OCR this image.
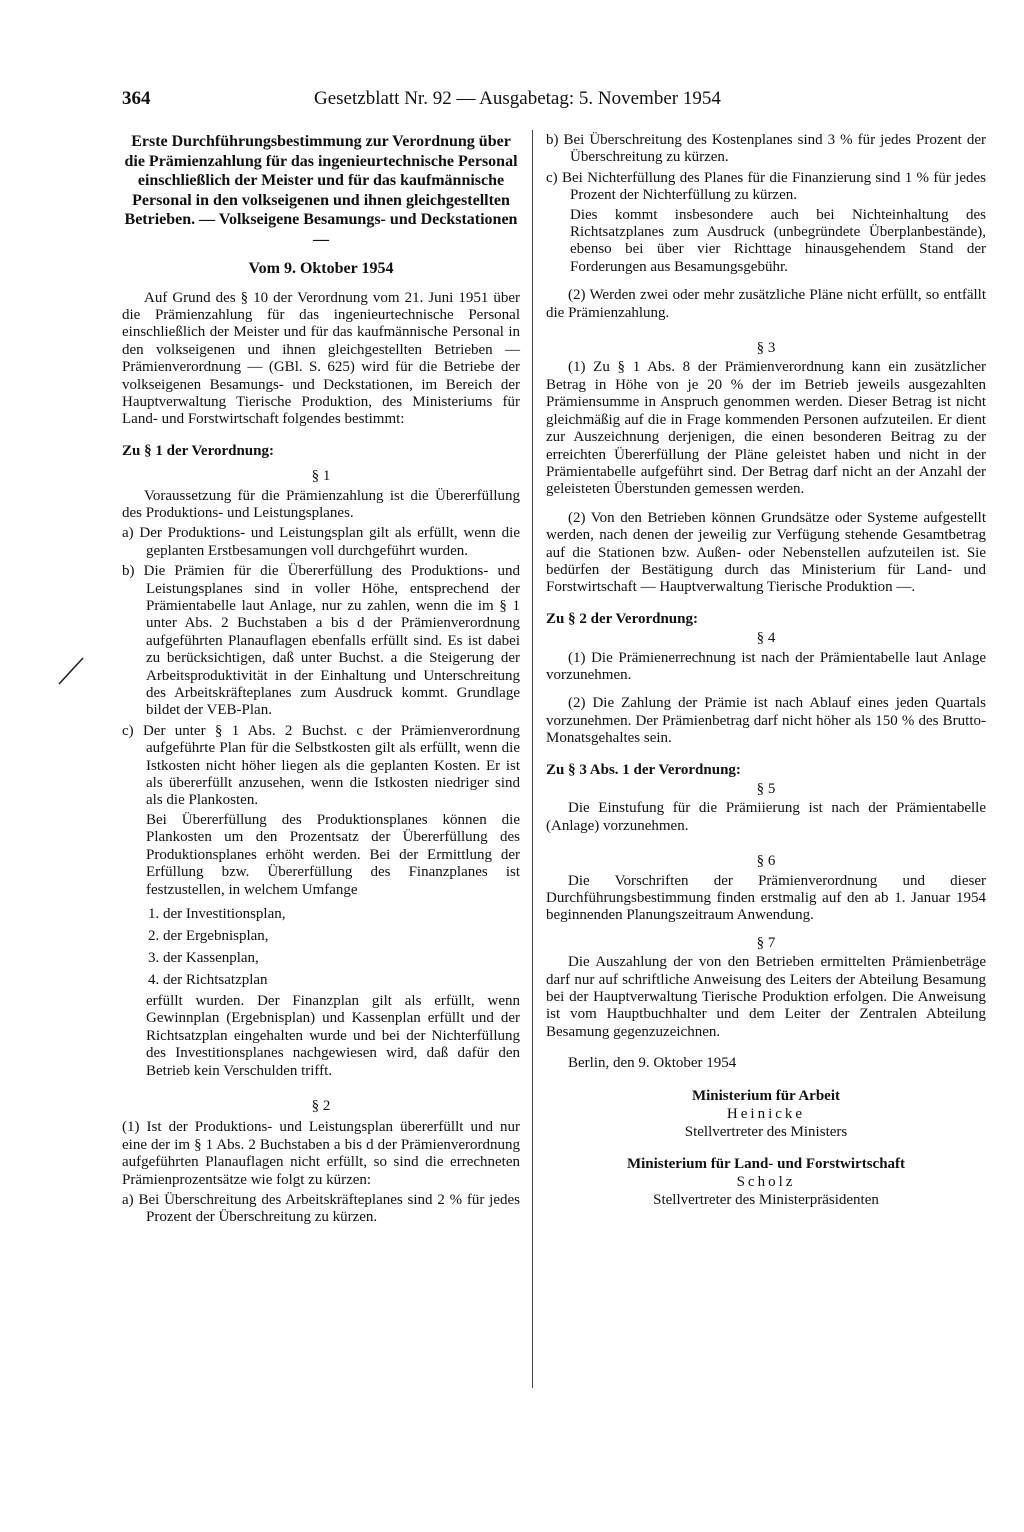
364	Gesetzblatt Nr. 92 — Ausgabetag: 5. November 1954

Erste Durchführungsbestimmung zur Verordnung über die Prämienzahlung für das ingenieurtechnische Personal einschließlich der Meister und für das kaufmännische Personal in den volkseigenen und ihnen gleichgestellten Betrieben. — Volkseigene Besamungs- und Deckstationen —

Vom 9. Oktober 1954

Auf Grund des § 10 der Verordnung vom 21. Juni 1951 über die Prämienzahlung für das ingenieurtechnische Personal einschließlich der Meister und für das kaufmännische Personal in den volkseigenen und ihnen gleichgestellten Betrieben — Prämienverordnung — (GBl. S. 625) wird für die Betriebe der volkseigenen Besamungs- und Deckstationen, im Bereich der Hauptverwaltung Tierische Produktion, des Ministeriums für Land- und Forstwirtschaft folgendes bestimmt:

Zu § 1 der Verordnung:

§ 1

Voraussetzung für die Prämienzahlung ist die Übererfüllung des Produktions- und Leistungsplanes.

a) Der Produktions- und Leistungsplan gilt als erfüllt, wenn die geplanten Erstbesamungen voll durchgeführt wurden.

b) Die Prämien für die Übererfüllung des Produktions- und Leistungsplanes sind in voller Höhe, entsprechend der Prämientabelle laut Anlage, nur zu zahlen, wenn die im § 1 unter Abs. 2 Buchstaben a bis d der Prämienverordnung aufgeführten Planauflagen ebenfalls erfüllt sind. Es ist dabei zu berücksichtigen, daß unter Buchst. a die Steigerung der Arbeitsproduktivität in der Einhaltung und Unterschreitung des Arbeitskräfteplanes zum Ausdruck kommt. Grundlage bildet der VEB-Plan.

c) Der unter § 1 Abs. 2 Buchst. c der Prämienverordnung aufgeführte Plan für die Selbstkosten gilt als erfüllt, wenn die Istkosten nicht höher liegen als die geplanten Kosten. Er ist als übererfüllt anzusehen, wenn die Istkosten niedriger sind als die Plankosten.

Bei Übererfüllung des Produktionsplanes können die Plankosten um den Prozentsatz der Übererfüllung des Produktionsplanes erhöht werden. Bei der Ermittlung der Erfüllung bzw. Übererfüllung des Finanzplanes ist festzustellen, in welchem Umfange

1. der Investitionsplan,
2. der Ergebnisplan,
3. der Kassenplan,
4. der Richtsatzplan

erfüllt wurden. Der Finanzplan gilt als erfüllt, wenn Gewinnplan (Ergebnisplan) und Kassenplan erfüllt und der Richtsatzplan eingehalten wurde und bei der Nichterfüllung des Investitionsplanes nachgewiesen wird, daß dafür den Betrieb kein Verschulden trifft.

§ 2

(1) Ist der Produktions- und Leistungsplan übererfüllt und nur eine der im § 1 Abs. 2 Buchstaben a bis d der Prämienverordnung aufgeführten Planauflagen nicht erfüllt, so sind die errechneten Prämienprozentsätze wie folgt zu kürzen:

a) Bei Überschreitung des Arbeitskräfteplanes sind 2 % für jedes Prozent der Überschreitung zu kürzen.

b) Bei Überschreitung des Kostenplanes sind 3 % für jedes Prozent der Überschreitung zu kürzen.

c) Bei Nichterfüllung des Planes für die Finanzierung sind 1 % für jedes Prozent der Nichterfüllung zu kürzen.

Dies kommt insbesondere auch bei Nichteinhaltung des Richtsatzplanes zum Ausdruck (unbegründete Überplanbestände), ebenso bei über vier Richttage hinausgehendem Stand der Forderungen aus Besamungsgebühr.

(2) Werden zwei oder mehr zusätzliche Pläne nicht erfüllt, so entfällt die Prämienzahlung.

§ 3

(1) Zu § 1 Abs. 8 der Prämienverordnung kann ein zusätzlicher Betrag in Höhe von je 20 % der im Betrieb jeweils ausgezahlten Prämiensumme in Anspruch genommen werden. Dieser Betrag ist nicht gleichmäßig auf die in Frage kommenden Personen aufzuteilen. Er dient zur Auszeichnung derjenigen, die einen besonderen Beitrag zu der erreichten Übererfüllung der Pläne geleistet haben und nicht in der Prämientabelle aufgeführt sind. Der Betrag darf nicht an der Anzahl der geleisteten Überstunden gemessen werden.

(2) Von den Betrieben können Grundsätze oder Systeme aufgestellt werden, nach denen der jeweilig zur Verfügung stehende Gesamtbetrag auf die Stationen bzw. Außen- oder Nebenstellen aufzuteilen ist. Sie bedürfen der Bestätigung durch das Ministerium für Land- und Forstwirtschaft — Hauptverwaltung Tierische Produktion —.

Zu § 2 der Verordnung:

§ 4

(1) Die Prämienerrechnung ist nach der Prämientabelle laut Anlage vorzunehmen.

(2) Die Zahlung der Prämie ist nach Ablauf eines jeden Quartals vorzunehmen. Der Prämienbetrag darf nicht höher als 150 % des Brutto-Monatsgehaltes sein.

Zu § 3 Abs. 1 der Verordnung:

§ 5

Die Einstufung für die Prämiierung ist nach der Prämientabelle (Anlage) vorzunehmen.

§ 6

Die Vorschriften der Prämienverordnung und dieser Durchführungsbestimmung finden erstmalig auf den ab 1. Januar 1954 beginnenden Planungszeitraum Anwendung.

§ 7

Die Auszahlung der von den Betrieben ermittelten Prämienbeträge darf nur auf schriftliche Anweisung des Leiters der Abteilung Besamung bei der Hauptverwaltung Tierische Produktion erfolgen. Die Anweisung ist vom Hauptbuchhalter und dem Leiter der Zentralen Abteilung Besamung gegenzuzeichnen.

Berlin, den 9. Oktober 1954

Ministerium für Arbeit
Heinicke
Stellvertreter des Ministers
Ministerium für Land- und Forstwirtschaft
Scholz
Stellvertreter des Ministerpräsidenten
